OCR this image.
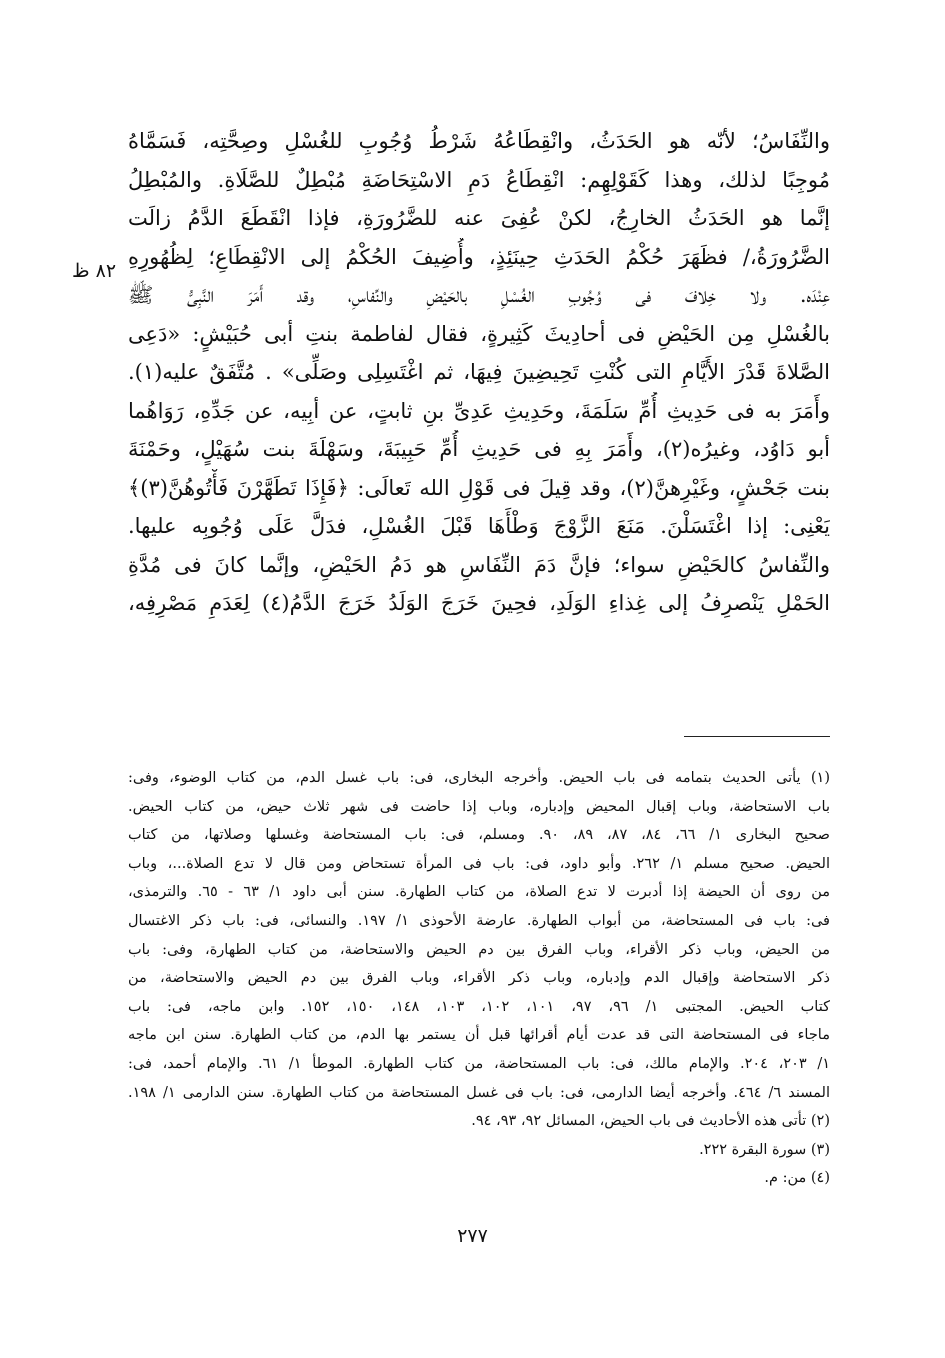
٨٢ ظ
والنِّفَاسُ؛ لأنّه هو الحَدَثُ، وانْقِطَاعُهُ شَرْطُ وُجُوبِ للغُسْلِ وصِحَّتِه، فَسَمَّاهُ
مُوجِبًا لذلك، وهذا كَقَوْلِهِم: انْقِطَاعُ دَمِ الاسْتِحَاضَةِ مُبْطِلٌ للصَّلَاةِ. والمُبْطِلُ
إنَّما هو الحَدَثُ الخارِجُ، لكنْ عُفِىَ عنه للضَّرُورَةِ، فإذا انْقَطَعَ الدَّمُ زالَت
الضَّرُورَةُ،/ فظَهَرَ حُكْمُ الحَدَثِ حِينَئِذٍ، وأُضِيفَ الحُكْمُ إلى الانْقِطَاعِ؛ لِظُهُورِهِ
عِنْدَه. ولا خِلافَ فى وُجُوبِ الغُسْلِ بالحَيْضِ والنِّفاسِ، وقد أَمَرَ النَّبِىُّ ﷺ
بالغُسْلِ مِن الحَيْضِ فى أحادِيثَ كَثِيرةٍ، فقال لفاطمة بنتِ أبى حُبَيْشٍ: «دَعِى
الصَّلاةَ قَدْرَ الأَيَّامِ التى كُنْتِ تَحِيضِينَ فِيهَا، ثم اغْتَسِلِى وصَلِّى» . مُتَّفَقٌ عليه(١).
وأَمَرَ به فى حَدِيثِ أُمِّ سَلَمَةَ، وحَدِيثِ عَدِىِّ بنِ ثابتٍ، عن أبِيه، عن جَدِّهِ، رَوَاهُما
أبو دَاوُد، وغيرُه(٢)، وأَمَرَ بِهِ فى حَدِيثِ أُمِّ حَبِيبَةَ، وسَهْلَةَ بنت سُهَيْلٍ، وحَمْنَةَ
بنت جَحْشٍ، وغَيْرِهنَّ(٢)، وقد قِيلَ فى قَوْلِ الله تَعالَى: ﴿فَإِذَا تَطَهَّرْنَ فَأْتُوهُنَّ(٣)﴾
يَعْنِى: إذا اغْتَسَلْنَ. مَنَعَ الزَّوْجَ وَطْأَهَا قَبْلَ الغُسْلِ، فدَلَّ عَلَى وُجُوبِه عليها.
والنِّفاسُ كالحَيْضِ سواء؛ فإنَّ دَمَ النِّفَاسِ هو دَمُ الحَيْضِ، وإنَّما كانَ فى مُدَّةِ
الحَمْلِ يَنْصرِفُ إلى غِذاءِ الوَلَدِ، فحِينَ خَرَجَ الوَلَدُ خَرَجَ الدَّمُ(٤) لِعَدَمِ مَصْرِفِه،
(١) يأتى الحديث بتمامه فى باب الحيض. وأخرجه البخارى، فى: باب غسل الدم، من كتاب الوضوء، وفى:
باب الاستحاضة، وباب إقبال المحيض وإدباره، وباب إذا حاضت فى شهر ثلاث حيض، من كتاب الحيض.
صحيح البخارى ١/ ٦٦، ٨٤، ٨٧، ٨٩، ٩٠. ومسلم، فى: باب المستحاضة وغسلها وصلاتها، من كتاب
الحيض. صحيح مسلم ١/ ٢٦٢. وأبو داود، فى: باب فى المرأة تستحاض ومن قال لا تدع الصلاة...، وباب
من روى أن الحيضة إذا أدبرت لا تدع الصلاة، من كتاب الطهارة. سنن أبى داود ١/ ٦٣ - ٦٥. والترمذى،
فى: باب فى المستحاضة، من أبواب الطهارة. عارضة الأحوذى ١/ ١٩٧. والنسائى، فى: باب ذكر الاغتسال
من الحيض، وباب ذكر الأقراء، وباب الفرق بين دم الحيض والاستحاضة، من كتاب الطهارة، وفى: باب
ذكر الاستحاضة وإقبال الدم وإدباره، وباب ذكر الأقراء، وباب الفرق بين دم الحيض والاستحاضة، من
كتاب الحيض. المجتبى ١/ ٩٦، ٩٧، ١٠١، ١٠٢، ١٠٣، ١٤٨، ١٥٠، ١٥٢. وابن ماجه، فى: باب
ماجاء فى المستحاضة التى قد عدت أيام أقرائها قبل أن يستمر بها الدم، من كتاب الطهارة. سنن ابن ماجه
١/ ٢٠٣، ٢٠٤. والإمام مالك، فى: باب المستحاضة، من كتاب الطهارة. الموطأ ١/ ٦١. والإمام أحمد، فى:
المسند ٦/ ٤٦٤. وأخرجه أيضا الدارمى، فى: باب فى غسل المستحاضة من كتاب الطهارة. سنن الدارمى ١/ ١٩٨.
(٢) تأتى هذه الأحاديث فى باب الحيض، المسائل ٩٢، ٩٣، ٩٤.
(٣) سورة البقرة ٢٢٢.
(٤) من: م.
٢٧٧
